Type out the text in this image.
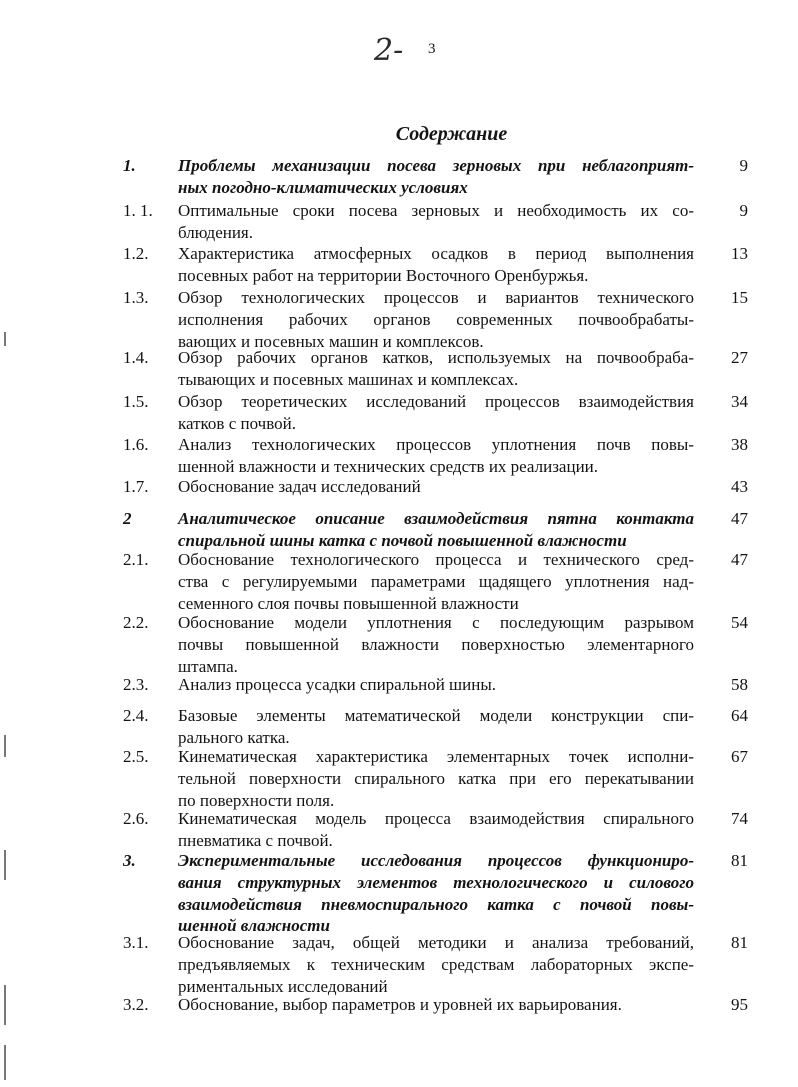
2- 3
Содержание
1. Проблемы механизации посева зерновых при неблагоприят-
ных погодно-климатических условиях
9
1. 1. Оптимальные сроки посева зерновых и необходимость их со-
блюдения.
9
1.2. Характеристика атмосферных осадков в период выполнения
посевных работ на территории Восточного Оренбуржья.
13
1.3. Обзор технологических процессов и вариантов технического
исполнения рабочих органов современных почвообрабаты-
вающих и посевных машин и комплексов.
15
1.4. Обзор рабочих органов катков, используемых на почвообраба-
тывающих и посевных машинах и комплексах.
27
1.5. Обзор теоретических исследований процессов взаимодействия
катков с почвой.
34
1.6. Анализ технологических процессов уплотнения почв повы-
шенной влажности и технических средств их реализации.
38
1.7. Обоснование задач исследований	43
2	Аналитическое описание взаимодействия пятна контакта
спиральной шины катка с почвой повышенной влажности
47
2.1. Обоснование технологического процесса и технического сред-
ства с регулируемыми параметрами щадящего уплотнения над-
семенного слоя почвы повышенной влажности
47
2.2. Обоснование модели уплотнения с последующим разрывом
почвы повышенной влажности поверхностью элементарного
штампа.
54
2.3. Анализ процесса усадки спиральной шины.	58
2.4. Базовые элементы математической модели конструкции спи-
рального катка.
64
2.5. Кинематическая характеристика элементарных точек исполни-
тельной поверхности спирального катка при его перекатывании
по поверхности поля.
67
2.6. Кинематическая модель процесса взаимодействия спирального
пневматика с почвой.
74
3. Экспериментальные исследования процессов функциониро-
вания структурных элементов технологического и силового
взаимодействия пневмоспирального катка с почвой повы-
шенной влажности
81
3.1. Обоснование задач, общей методики и анализа требований,
предъявляемых к техническим средствам лабораторных экспе-
риментальных исследований
81
3.2. Обоснование, выбор параметров и уровней их варьирования.	95
